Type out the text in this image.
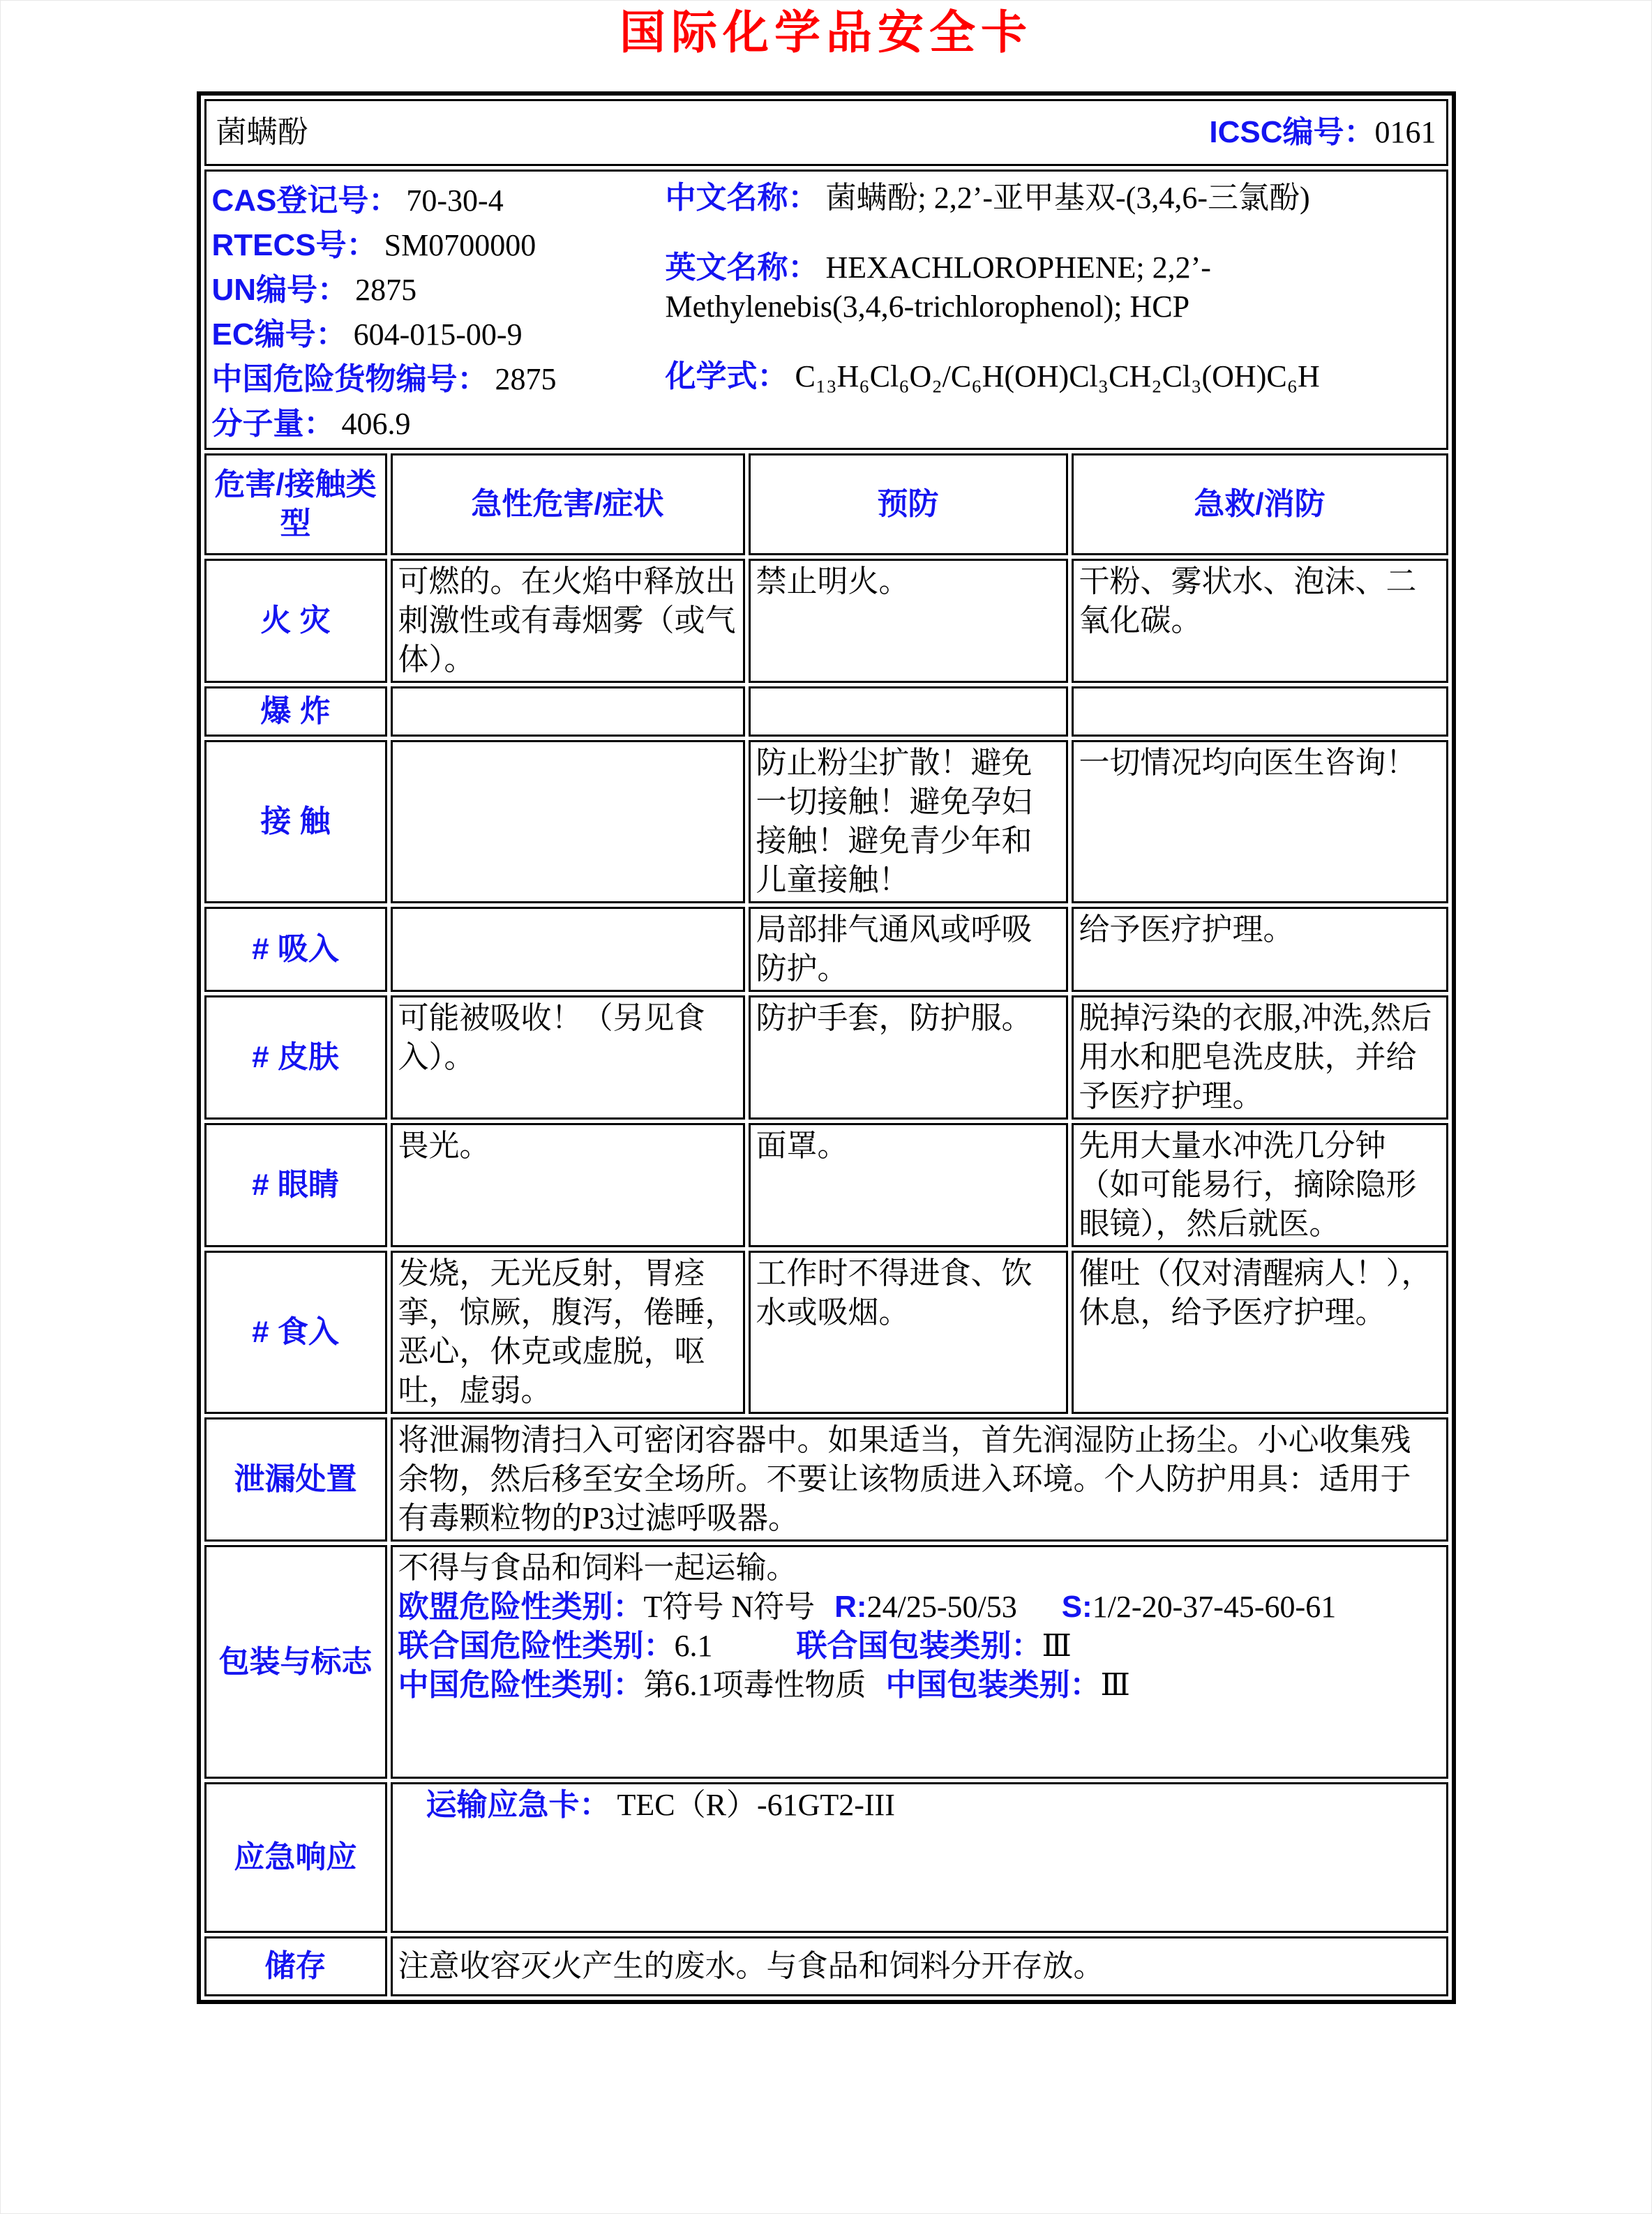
国际化学品安全卡
菌螨酚 ICSC编号：0161			

CAS登记号： 70-30-4
RTECS号： SM0700000
UN编号： 2875
EC编号： 604-015-00-9
中国危险货物编号： 2875
分子量： 406.9

中文名称： 菌螨酚; 2,2’-亚甲基双-(3,4,6-三氯酚)

英文名称： HEXACHLOROPHENE; 2,2’-Methylenebis(3,4,6-trichlorophenol); HCP

化学式： C₁₃H₆Cl₆O₂/C₆H(OH)Cl₃CH₂Cl₃(OH)C₆H

危害/接触类型	急性危害/症状	预防	急救/消防
火 灾	可燃的。在火焰中释放出刺激性或有毒烟雾（或气体）。	禁止明火。	干粉、雾状水、泡沫、二氧化碳。
爆 炸			
接 触		防止粉尘扩散！避免一切接触！避免孕妇接触！避免青少年和儿童接触！	一切情况均向医生咨询！
# 吸入		局部排气通风或呼吸防护。	给予医疗护理。
# 皮肤	可能被吸收！（另见食入）。	防护手套，防护服。	脱掉污染的衣服,冲洗,然后用水和肥皂洗皮肤，并给予医疗护理。
# 眼睛	畏光。	面罩。	先用大量水冲洗几分钟（如可能易行，摘除隐形眼镜），然后就医。
# 食入	发烧，无光反射，胃痉挛，惊厥，腹泻，倦睡，恶心，休克或虚脱，呕吐，虚弱。	工作时不得进食、饮水或吸烟。	催吐（仅对清醒病人！），休息，给予医疗护理。
泄漏处置	将泄漏物清扫入可密闭容器中。如果适当，首先润湿防止扬尘。小心收集残余物，然后移至安全场所。不要让该物质进入环境。个人防护用具：适用于有毒颗粒物的P3过滤呼吸器。		
包装与标志	不得与食品和饲料一起运输。
欧盟危险性类别：T符号 N符号 R:24/25-50/53 S:1/2-20-37-45-60-61
联合国危险性类别：6.1 联合国包装类别：Ⅲ
中国危险性类别：第6.1项毒性物质 中国包装类别：Ⅲ		

应急响应	运输应急卡： TEC（R）-61GT2-III		

储存	注意收容灭火产生的废水。与食品和饲料分开存放。		
